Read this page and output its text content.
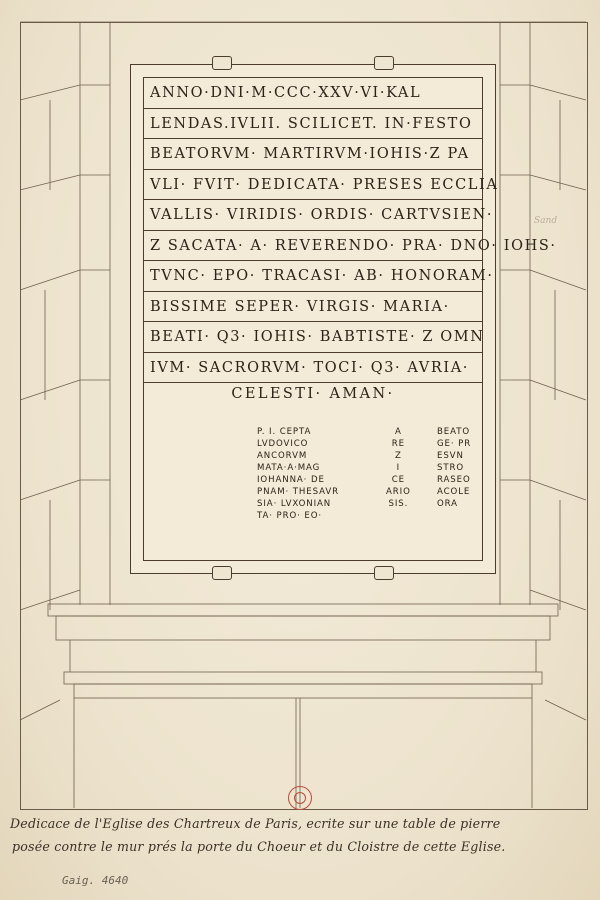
ANNO·DNI·M·CCC·XXV·VI·KAL
LENDAS.IVLII. SCILICET. IN·FESTO
BEATORVM· MARTIRVM·IOHIS·Z PA
VLI· FVIT· DEDICATA· PRESES ECCLIA
VALLIS· VIRIDIS· ORDIS· CARTVSIEN·
Z SACATA· A· REVERENDO· PRA· DNO· IOHS·
TVNC· EPO· TRACASI· AB· HONORAM·
BISSIME SEPER· VIRGIS· MARIA·
BEATI· Q3· IOHIS· BABTISTE· Z OMN
IVM· SACRORVM· TOCI· Q3· AVRIA·
CELESTI· AMAN·
P. I. CEPTA
LVDOVICO
ANCORVM
MATA·A·MAG
IOHANNA· DE
PNAM· THESAVR
SIA· LVXONIAN
TA· PRO· EO·
A
RE
Z
I
CE
ARIO
SIS.
BEATO
GE· PR
ESVN
STRO
RASEO
ACOLE
ORA
Sand
Dedicace de l'Eglise des Chartreux de Paris, ecrite sur une table de pierre
posée contre le mur prés la porte du Choeur et du Cloistre de cette Eglise.
Gaig. 4640
